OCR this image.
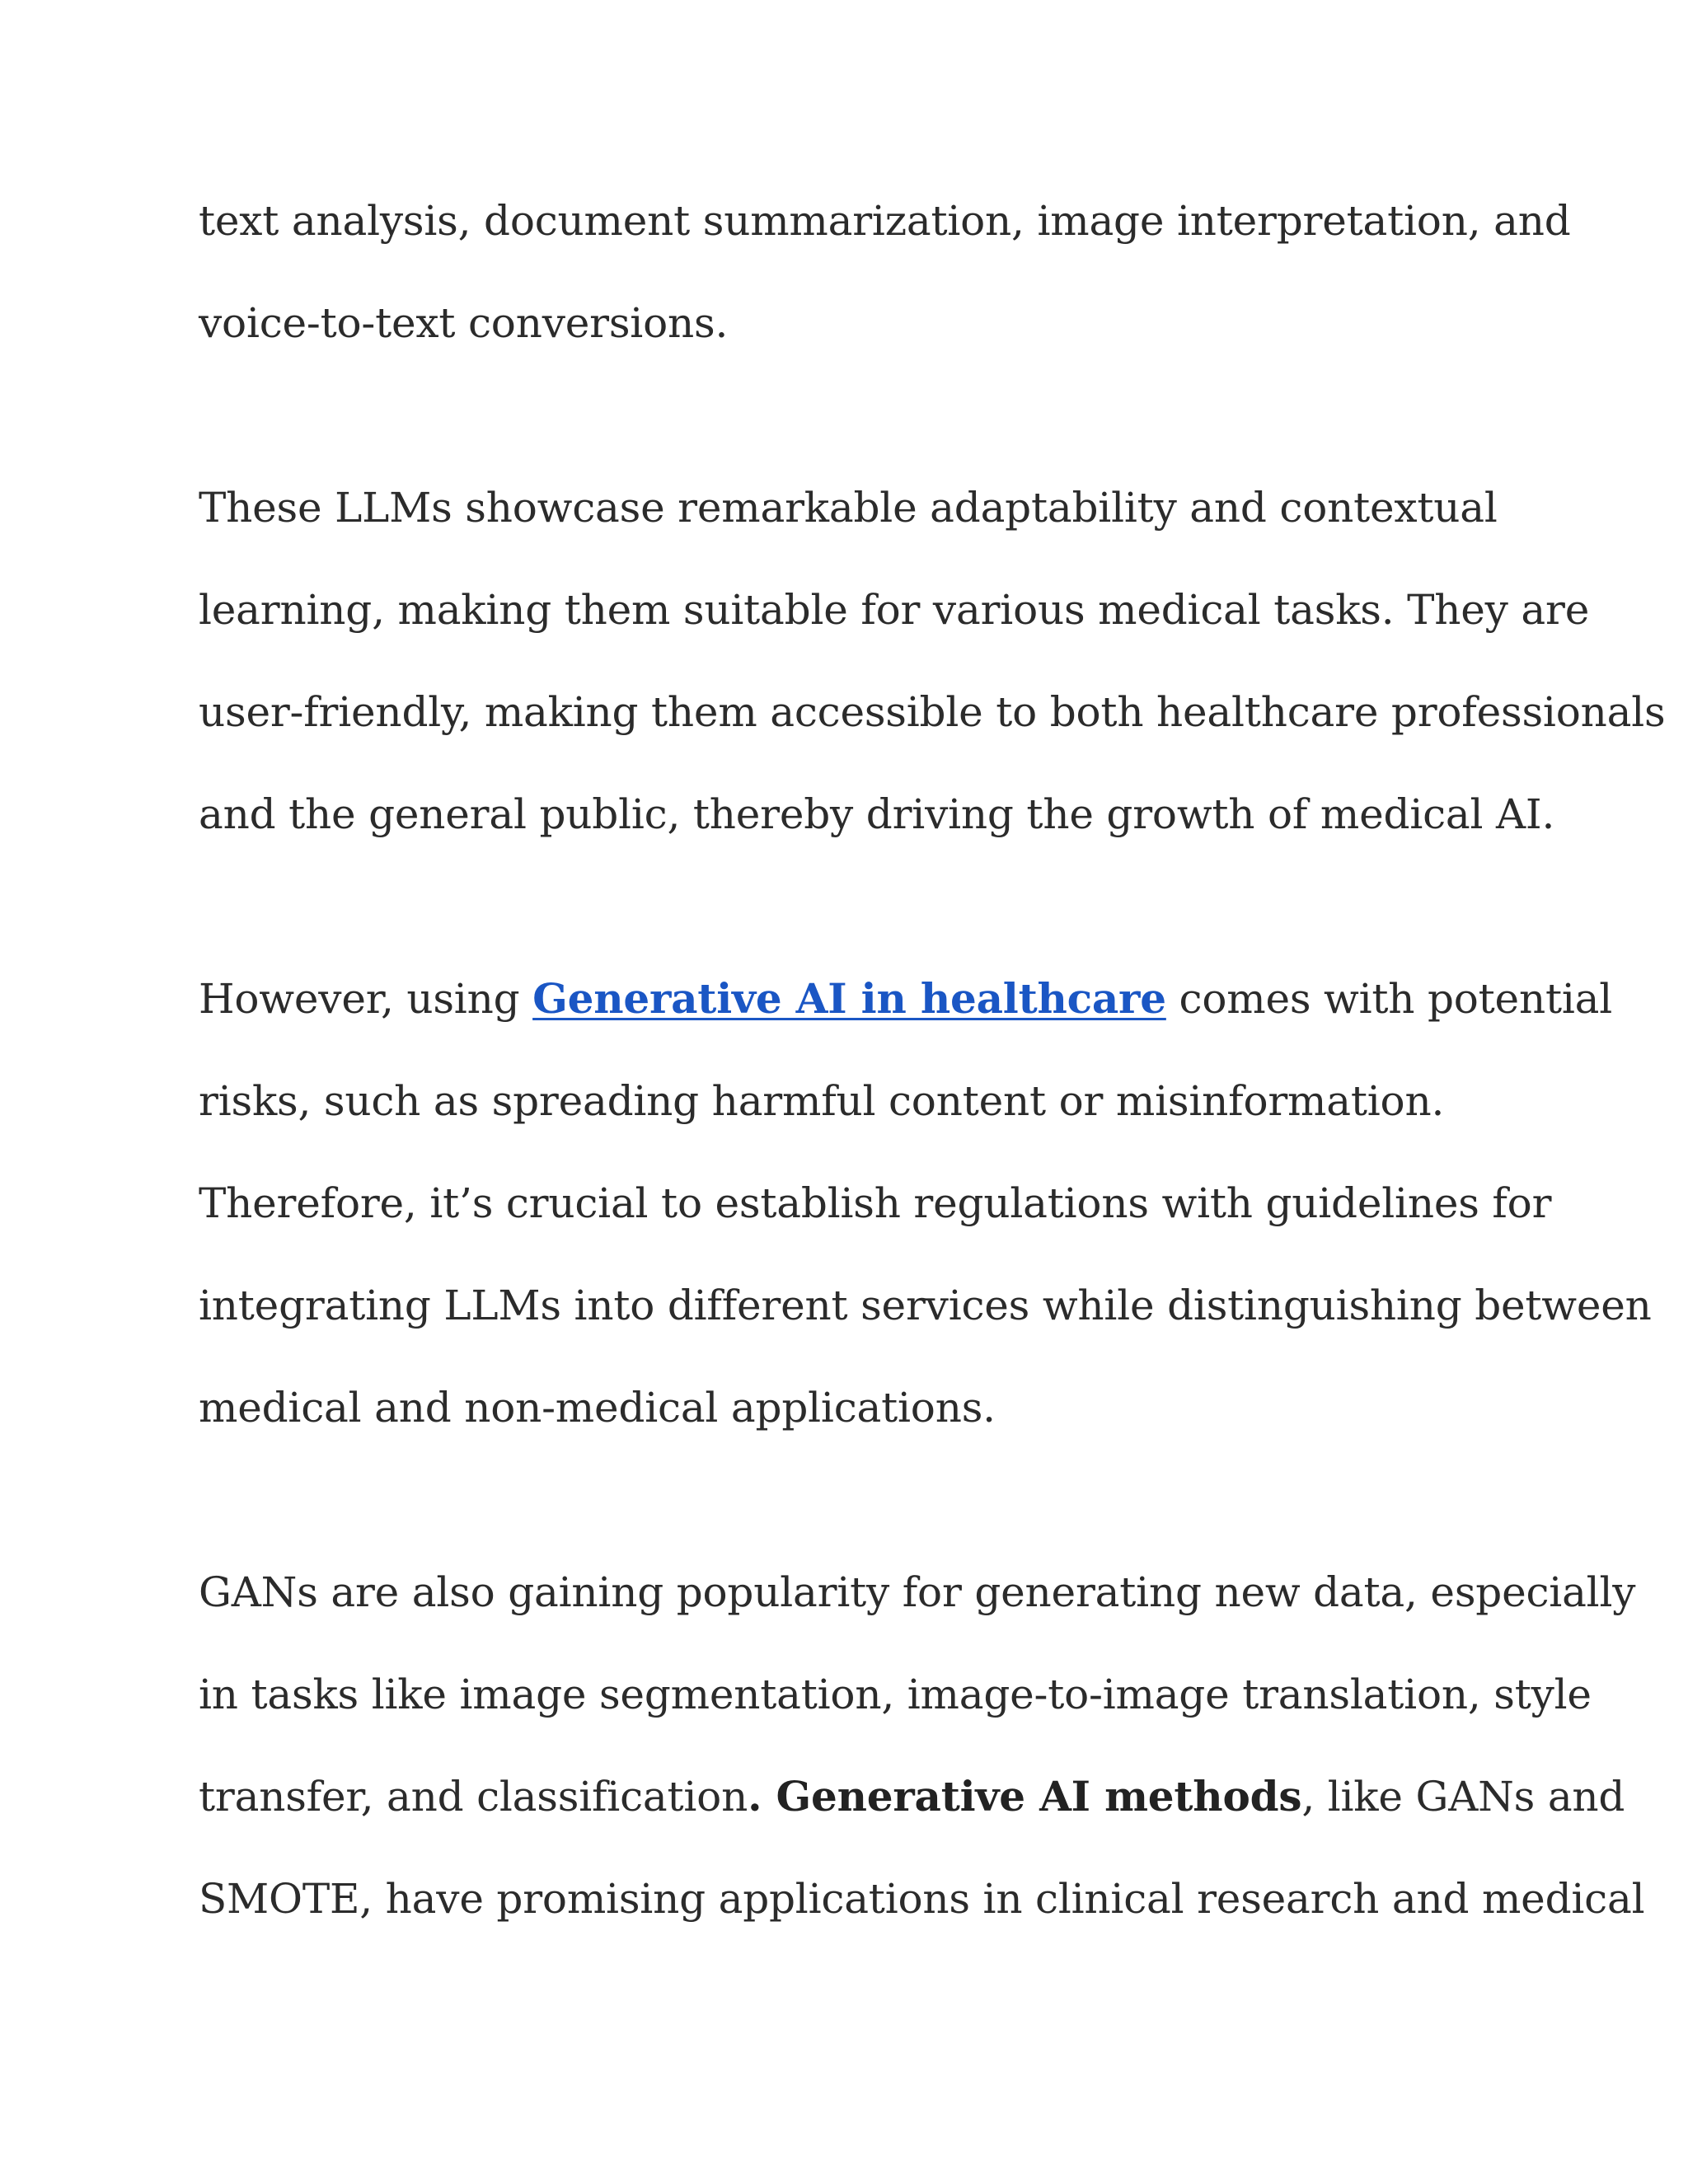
text analysis, document summarization, image interpretation, and
voice-to-text conversions.
These LLMs showcase remarkable adaptability and contextual
learning, making them suitable for various medical tasks. They are
user-friendly, making them accessible to both healthcare professionals
and the general public, thereby driving the growth of medical AI.
However, using Generative AI in healthcare comes with potential
risks, such as spreading harmful content or misinformation.
Therefore, it’s crucial to establish regulations with guidelines for
integrating LLMs into different services while distinguishing between
medical and non-medical applications.
GANs are also gaining popularity for generating new data, especially
in tasks like image segmentation, image-to-image translation, style
transfer, and classification. Generative AI methods, like GANs and
SMOTE, have promising applications in clinical research and medical
